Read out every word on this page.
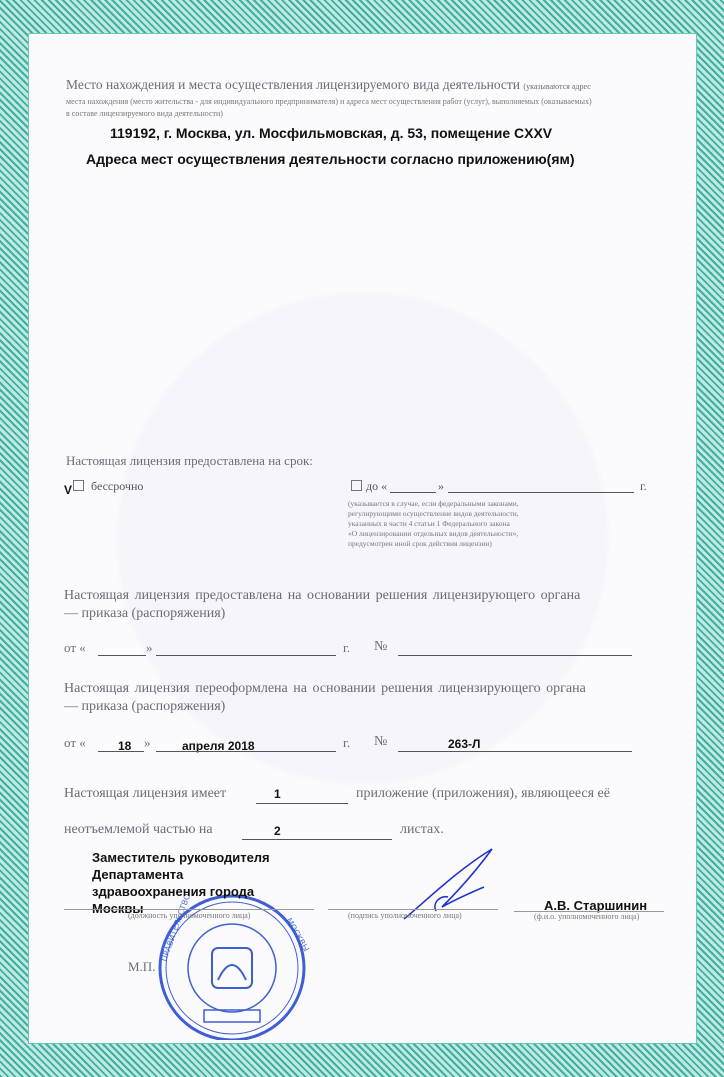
Место нахождения и места осуществления лицензируемого вида деятельности (указываются адрес
места нахождения (место жительства - для индивидуального предпринимателя) и адреса мест осуществления работ (услуг), выполняемых (оказываемых)
в составе лицензируемого вида деятельности)
119192, г. Москва, ул. Мосфильмовская, д. 53, помещение CXXV
Адреса мест осуществления деятельности согласно приложению(ям)
Настоящая лицензия предоставлена на срок:
V бессрочно	до «	»	г.
(указывается в случае, если федеральными законами,
регулирующими осуществление видов деятельности,
указанных в части 4 статьи 1 Федерального закона
«О лицензировании отдельных видов деятельности»,
предусмотрен иной срок действия лицензии)
Настоящая лицензия предоставлена на основании решения лицензирующего органа
— приказа (распоряжения)
от «	»	г. №
Настоящая лицензия переоформлена на основании решения лицензирующего органа
— приказа (распоряжения)
от «	18 »	апреля 2018	г. №	263-Л
Настоящая лицензия имеет	1	приложение (приложения), являющееся её
неотъемлемой частью на	2	листах.
ПРАВИТЕЛЬСТВО	МОСКВЫ
Заместитель руководителя
Департамента
здравоохранения города
Москвы
(должность уполномоченного лица)	(подпись уполномоченного лица)
А.В. Старшинин
(ф.и.о. уполномоченного лица)
М.П.
